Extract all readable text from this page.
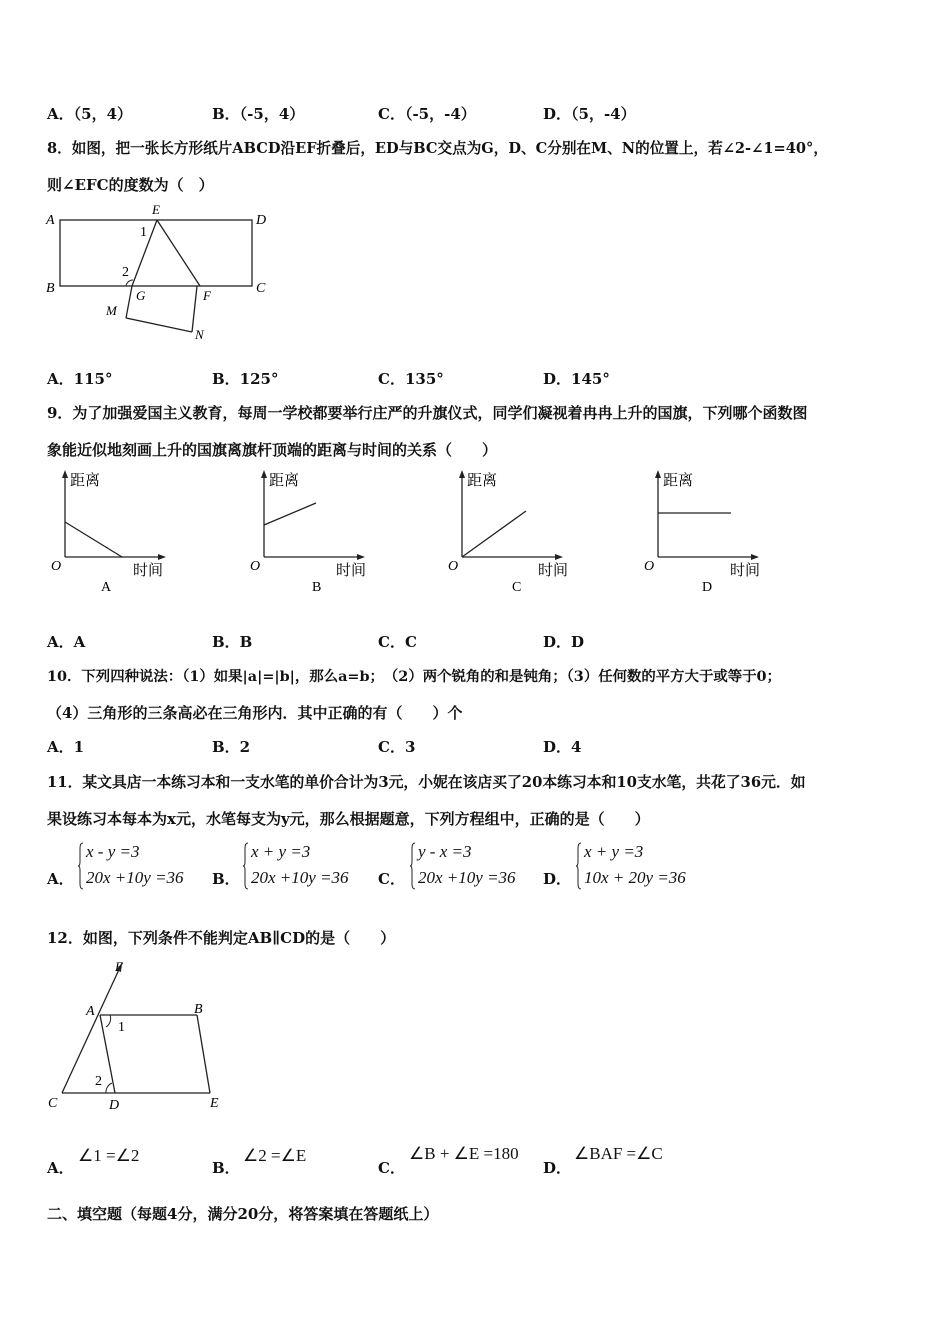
A．（5，4）	B．（-5，4）	C．（-5，-4）	D．（5，-4）
8．如图，把一张长方形纸片ABCD沿EF折叠后，ED与BC交点为G，D、C分别在M、N的位置上，若∠2-∠1=40°，
则∠EFC的度数为（　）
A
E
D
B	C
G	F
M
N
1
2
A．115°	B．125°	C．135°	D．145°
9．为了加强爱国主义教育，每周一学校都要举行庄严的升旗仪式，同学们凝视着冉冉上升的国旗，下列哪个函数图
象能近似地刻画上升的国旗离旗杆顶端的距离与时间的关系（　　）
距离
O	时间
A
距离
O	时间
B
距离
O	时间
C
距离
O	时间
D
A．A	B．B	C．C	D．D
10．下列四种说法：（1）如果|a|=|b|，那么a=b；　（2）两个锐角的和是钝角；（3）任何数的平方大于或等于0；
（4）三角形的三条高必在三角形内．其中正确的有（　　）个
A．1	B．2	C．3	D．4
11．某文具店一本练习本和一支水笔的单价合计为3元，小妮在该店买了20本练习本和10支水笔，共花了36元．如
果设练习本每本为x元，水笔每支为y元，那么根据题意，下列方程组中，正确的是（　　）
A．
x - y =3
20x +10y =36 B．
x + y =3
20x +10y =36 C．
y - x =3
20x +10y =36 D．
x + y =3
10x + 20y =36
12．如图，下列条件不能判定AB∥CD的是（　　）
F
A	B
1
2
C	D	E
A．
∠1 =∠2
B．
∠2 =∠E
C．
∠B + ∠E =180
D．
∠BAF =∠C
二、填空题（每题4分，满分20分，将答案填在答题纸上）
